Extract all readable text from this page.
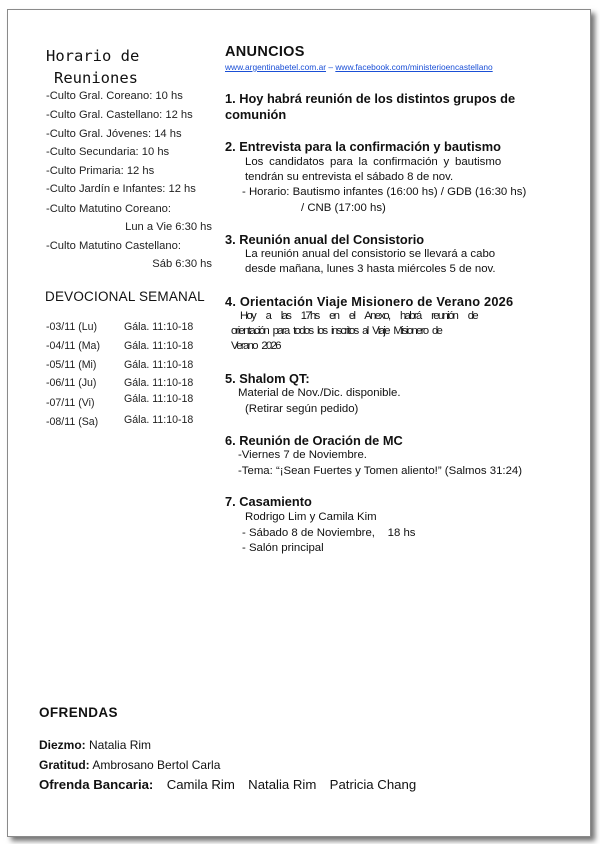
Horario de
Reuniones
-Culto Gral. Coreano: 10 hs
-Culto Gral. Castellano: 12 hs
-Culto Gral. Jóvenes: 14 hs
-Culto Secundaria: 10 hs
-Culto Primaria: 12 hs
-Culto Jardín e Infantes: 12 hs
-Culto Matutino Coreano:
Lun a Vie 6:30 hs
-Culto Matutino Castellano:
Sáb 6:30 hs
DEVOCIONAL SEMANAL
-03/11 (Lu)	Gála. 11:10-18
-04/11 (Ma) Gála. 11:10-18
-05/11 (Mi)	Gála. 11:10-18
-06/11 (Ju)	Gála. 11:10-18
-07/11 (Vi)	Gála. 11:10-18
-08/11 (Sa) Gála. 11:10-18
ANUNCIOS
www.argentinabetel.com.ar – www.facebook.com/ministerioencastellano
1. Hoy habrá reunión de los distintos grupos de
comunión
2. Entrevista para la confirmación y bautismo
Los candidatos para la confirmación y bautismo
tendrán su entrevista el sábado 8 de nov.
- Horario: Bautismo infantes (16:00 hs) / GDB (16:30 hs)
/ CNB (17:00 hs)
3. Reunión anual del Consistorio
La reunión anual del consistorio se llevará a cabo
desde mañana, lunes 3 hasta miércoles 5 de nov.
4. Orientación Viaje Misionero de Verano 2026
Hoy a las 17hs en el Anexo, habrá reunión de
orientación para todos los inscritos al Viaje Misionero de
Verano 2026
5. Shalom QT:
Material de Nov./Dic. disponible.
(Retirar según pedido)
6. Reunión de Oración de MC
-Viernes 7 de Noviembre.
-Tema: “¡Sean Fuertes y Tomen aliento!” (Salmos 31:24)
7. Casamiento
Rodrigo Lim y Camila Kim
- Sábado 8 de Noviembre,    18 hs
- Salón principal
OFRENDAS
Diezmo: Natalia Rim
Gratitud: Ambrosano Bertol Carla
Ofrenda Bancaria: Camila Rim Natalia Rim Patricia Chang
